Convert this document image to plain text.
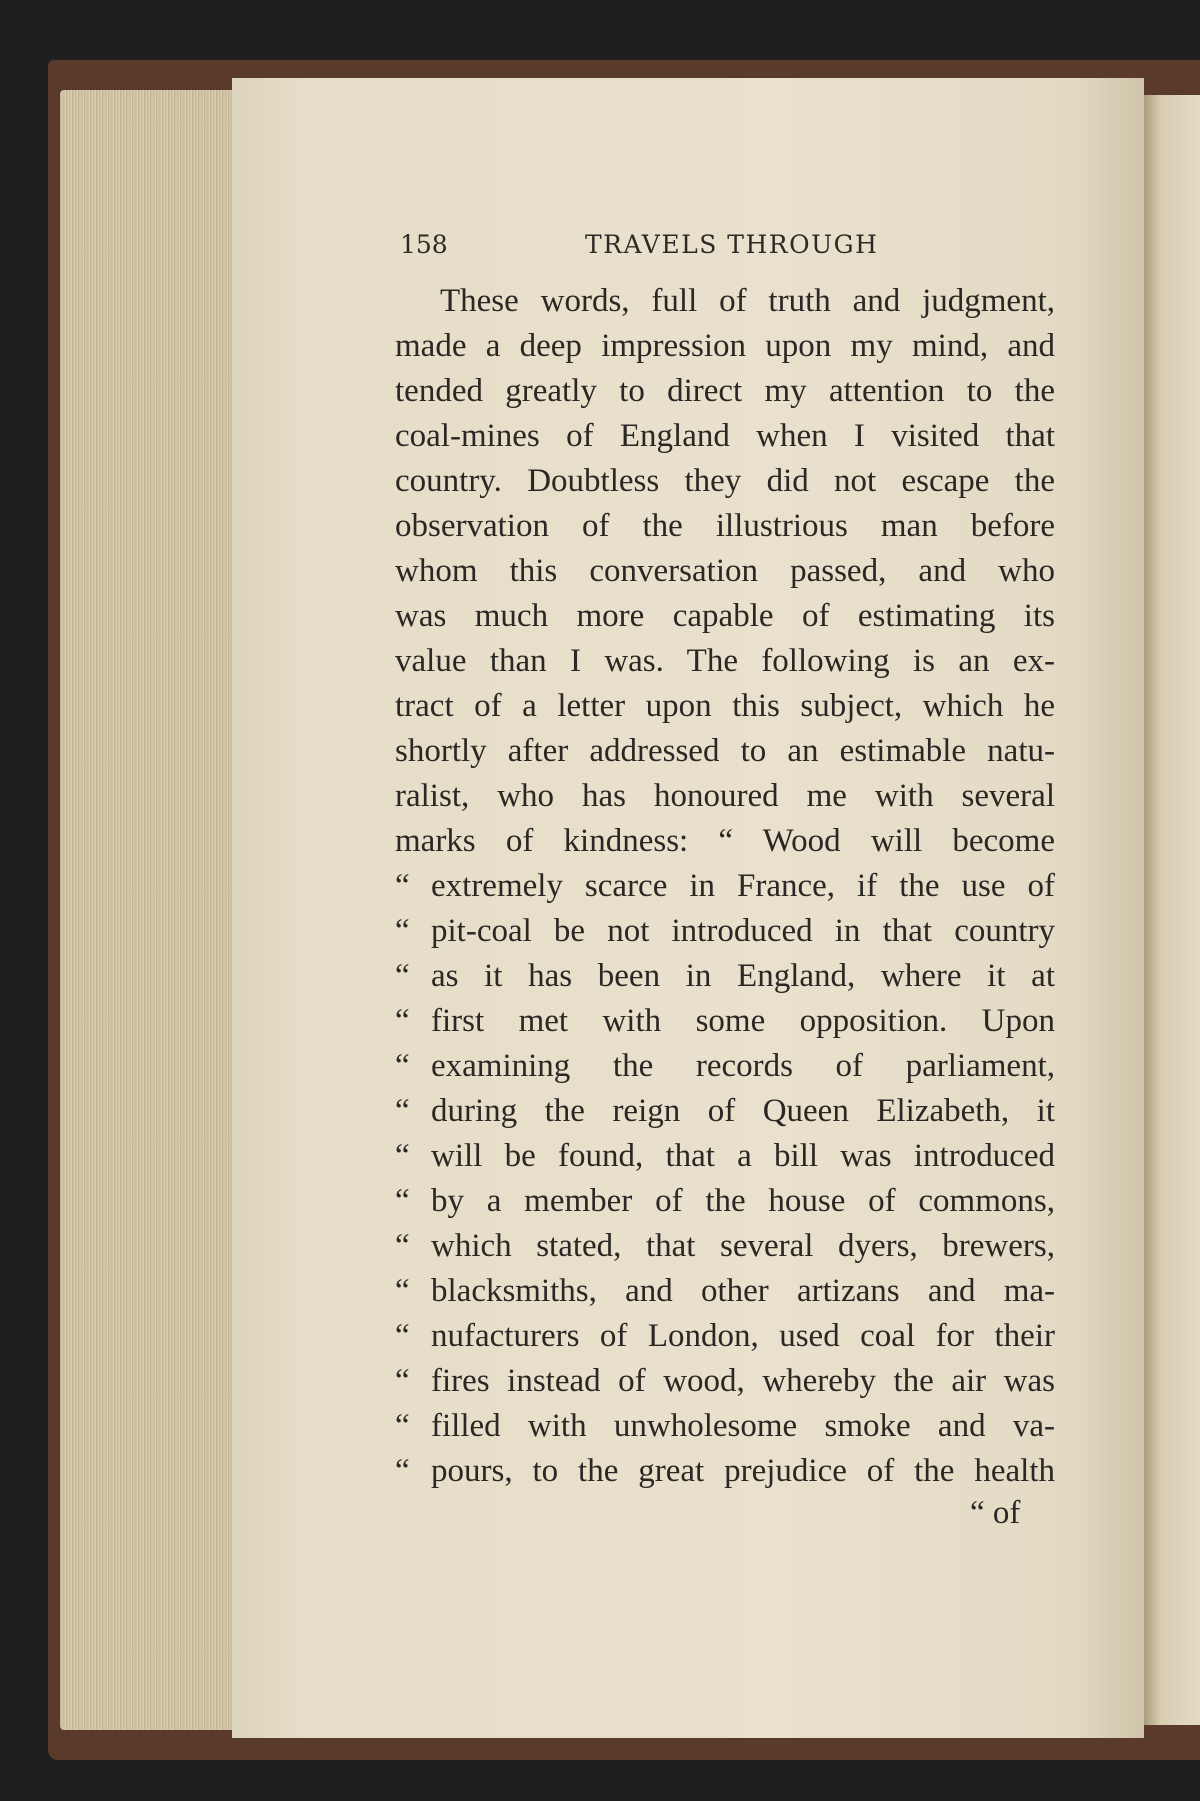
158	TRAVELS THROUGH
These words, full of truth and judgment,
made a deep impression upon my mind, and
tended greatly to direct my attention to the
coal-mines of England when I visited that
country. Doubtless they did not escape the
observation of the illustrious man before
whom this conversation passed, and who
was much more capable of estimating its
value than I was. The following is an ex-
tract of a letter upon this subject, which he
shortly after addressed to an estimable natu-
ralist, who has honoured me with several
marks of kindness: “ Wood will become
“ extremely scarce in France, if the use of
“ pit-coal be not introduced in that country
“ as it has been in England, where it at
“ first met with some opposition. Upon
“ examining the records of parliament,
“ during the reign of Queen Elizabeth, it
“ will be found, that a bill was introduced
“ by a member of the house of commons,
“ which stated, that several dyers, brewers,
“ blacksmiths, and other artizans and ma-
“ nufacturers of London, used coal for their
“ fires instead of wood, whereby the air was
“ filled with unwholesome smoke and va-
“ pours, to the great prejudice of the health
“ of
